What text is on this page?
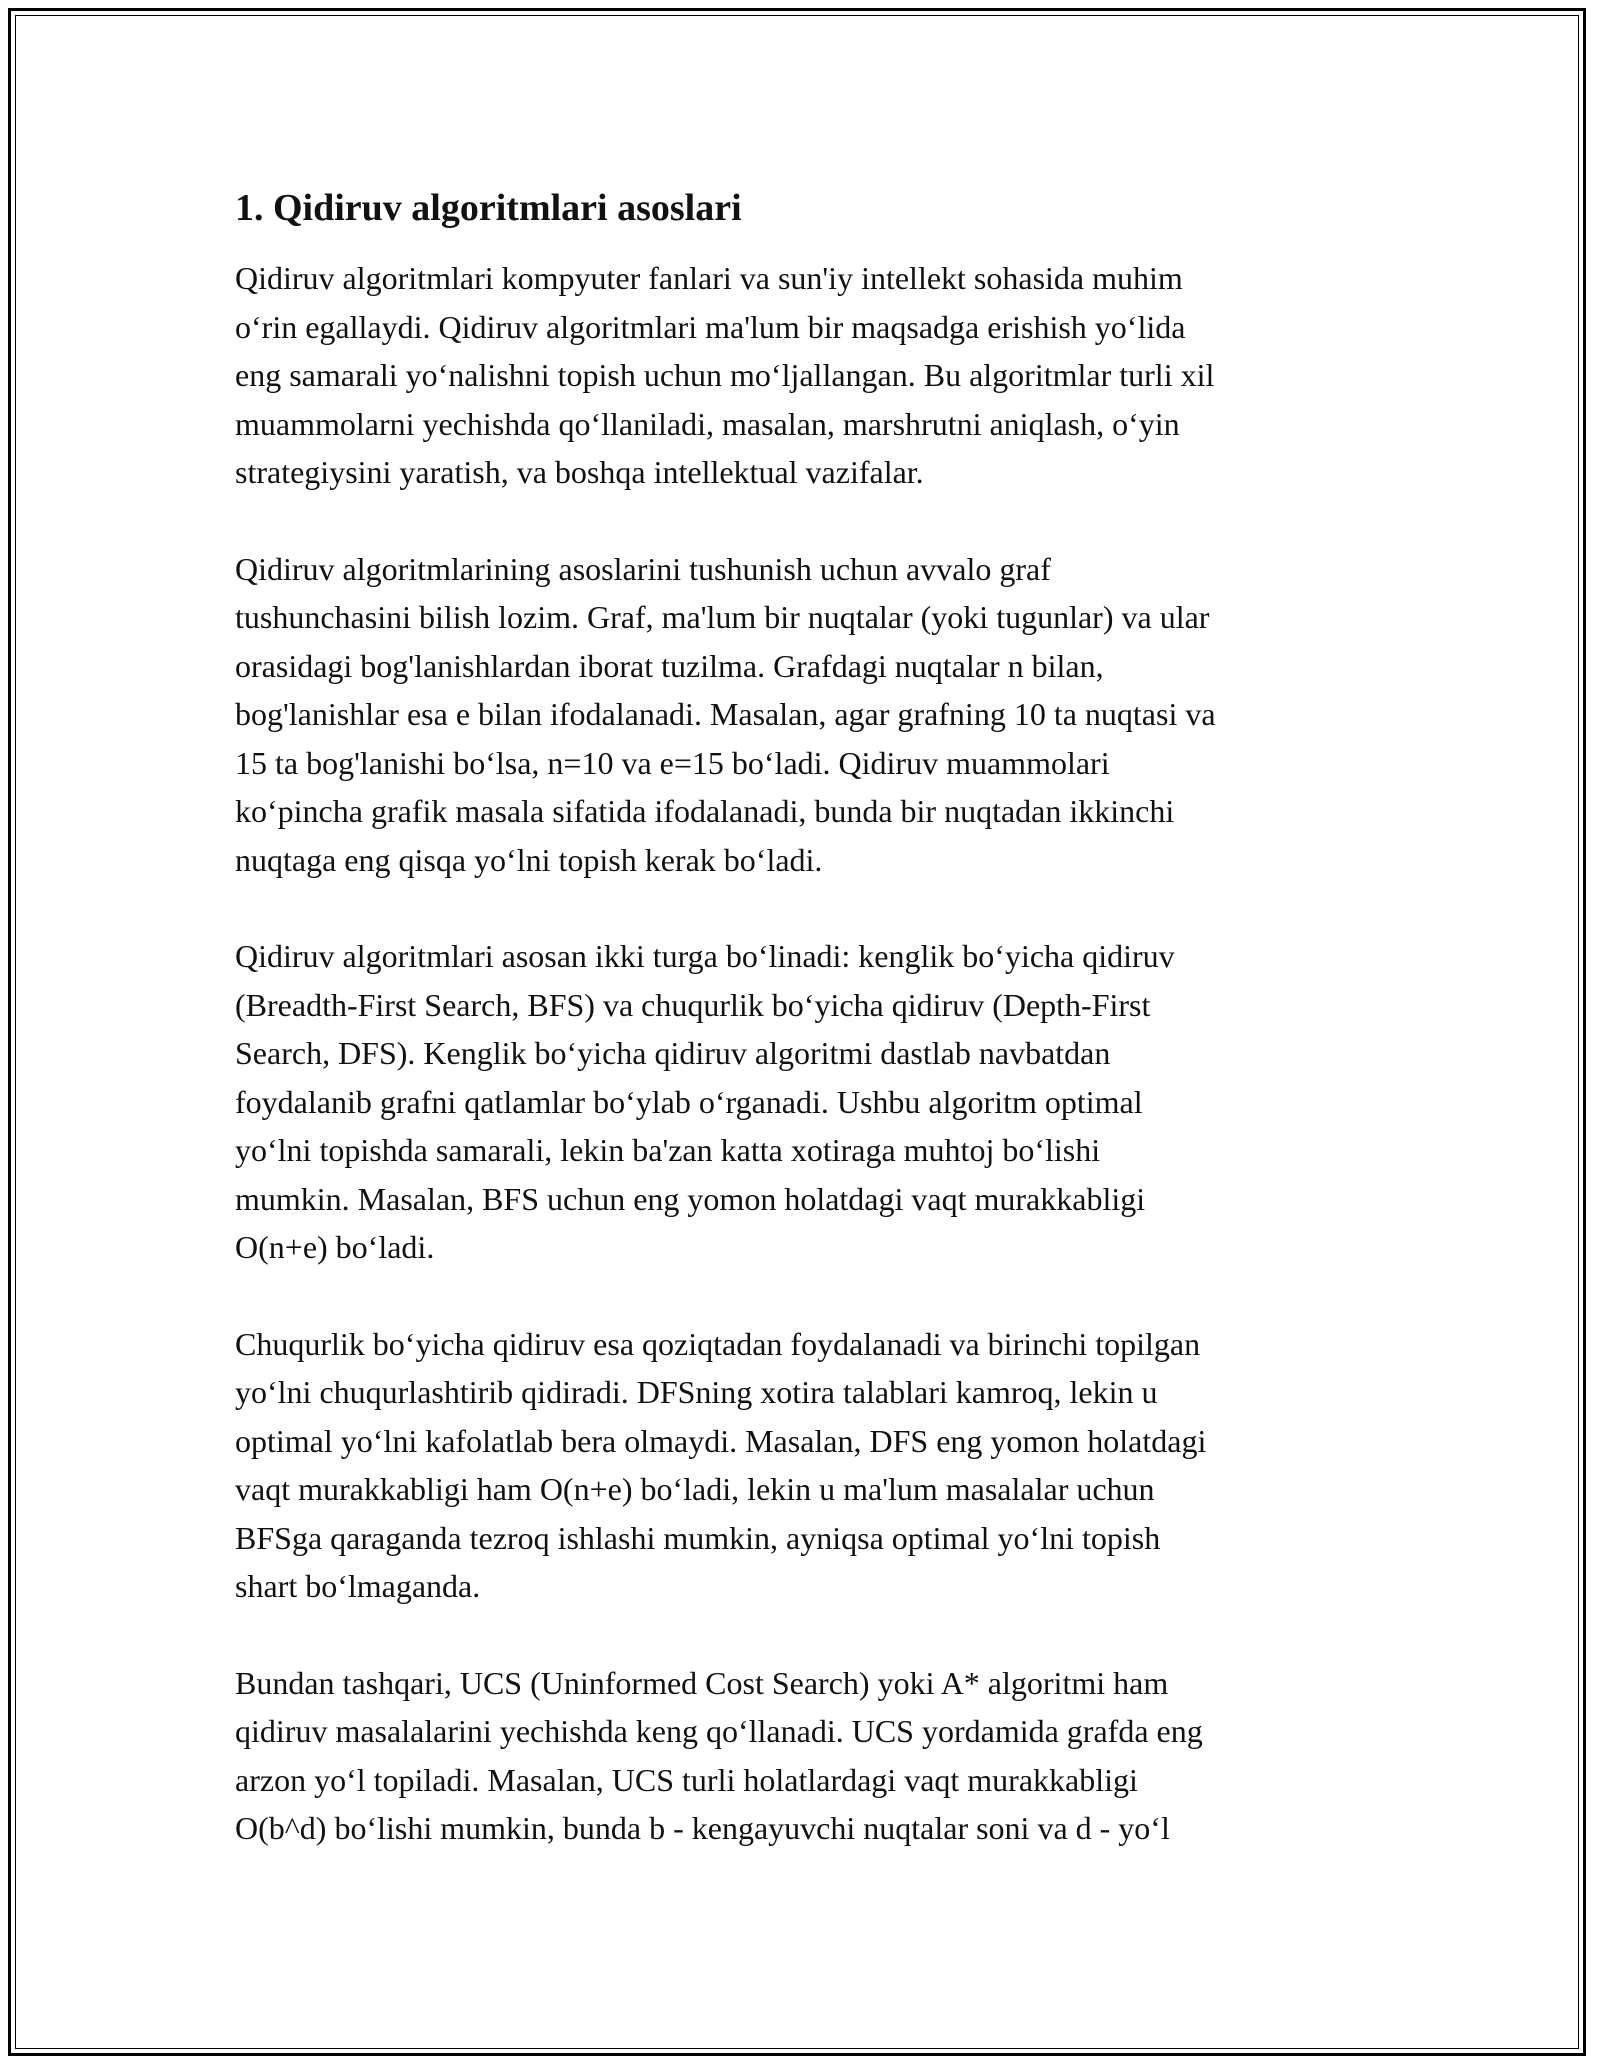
1. Qidiruv algoritmlari asoslari

Qidiruv algoritmlari kompyuter fanlari va sun'iy intellekt sohasida muhim
o‘rin egallaydi. Qidiruv algoritmlari ma'lum bir maqsadga erishish yo‘lida
eng samarali yo‘nalishni topish uchun mo‘ljallangan. Bu algoritmlar turli xil
muammolarni yechishda qo‘llaniladi, masalan, marshrutni aniqlash, o‘yin
strategiysini yaratish, va boshqa intellektual vazifalar.

Qidiruv algoritmlarining asoslarini tushunish uchun avvalo graf
tushunchasini bilish lozim. Graf, ma'lum bir nuqtalar (yoki tugunlar) va ular
orasidagi bog'lanishlardan iborat tuzilma. Grafdagi nuqtalar n bilan,
bog'lanishlar esa e bilan ifodalanadi. Masalan, agar grafning 10 ta nuqtasi va
15 ta bog'lanishi bo‘lsa, n=10 va e=15 bo‘ladi. Qidiruv muammolari
ko‘pincha grafik masala sifatida ifodalanadi, bunda bir nuqtadan ikkinchi
nuqtaga eng qisqa yo‘lni topish kerak bo‘ladi.

Qidiruv algoritmlari asosan ikki turga bo‘linadi: kenglik bo‘yicha qidiruv
(Breadth-First Search, BFS) va chuqurlik bo‘yicha qidiruv (Depth-First
Search, DFS). Kenglik bo‘yicha qidiruv algoritmi dastlab navbatdan
foydalanib grafni qatlamlar bo‘ylab o‘rganadi. Ushbu algoritm optimal
yo‘lni topishda samarali, lekin ba'zan katta xotiraga muhtoj bo‘lishi
mumkin. Masalan, BFS uchun eng yomon holatdagi vaqt murakkabligi
O(n+e) bo‘ladi.

Chuqurlik bo‘yicha qidiruv esa qoziqtadan foydalanadi va birinchi topilgan
yo‘lni chuqurlashtirib qidiradi. DFSning xotira talablari kamroq, lekin u
optimal yo‘lni kafolatlab bera olmaydi. Masalan, DFS eng yomon holatdagi
vaqt murakkabligi ham O(n+e) bo‘ladi, lekin u ma'lum masalalar uchun
BFSga qaraganda tezroq ishlashi mumkin, ayniqsa optimal yo‘lni topish
shart bo‘lmaganda.

Bundan tashqari, UCS (Uninformed Cost Search) yoki A* algoritmi ham
qidiruv masalalarini yechishda keng qo‘llanadi. UCS yordamida grafda eng
arzon yo‘l topiladi. Masalan, UCS turli holatlardagi vaqt murakkabligi
O(b^d) bo‘lishi mumkin, bunda b - kengayuvchi nuqtalar soni va d - yo‘l
